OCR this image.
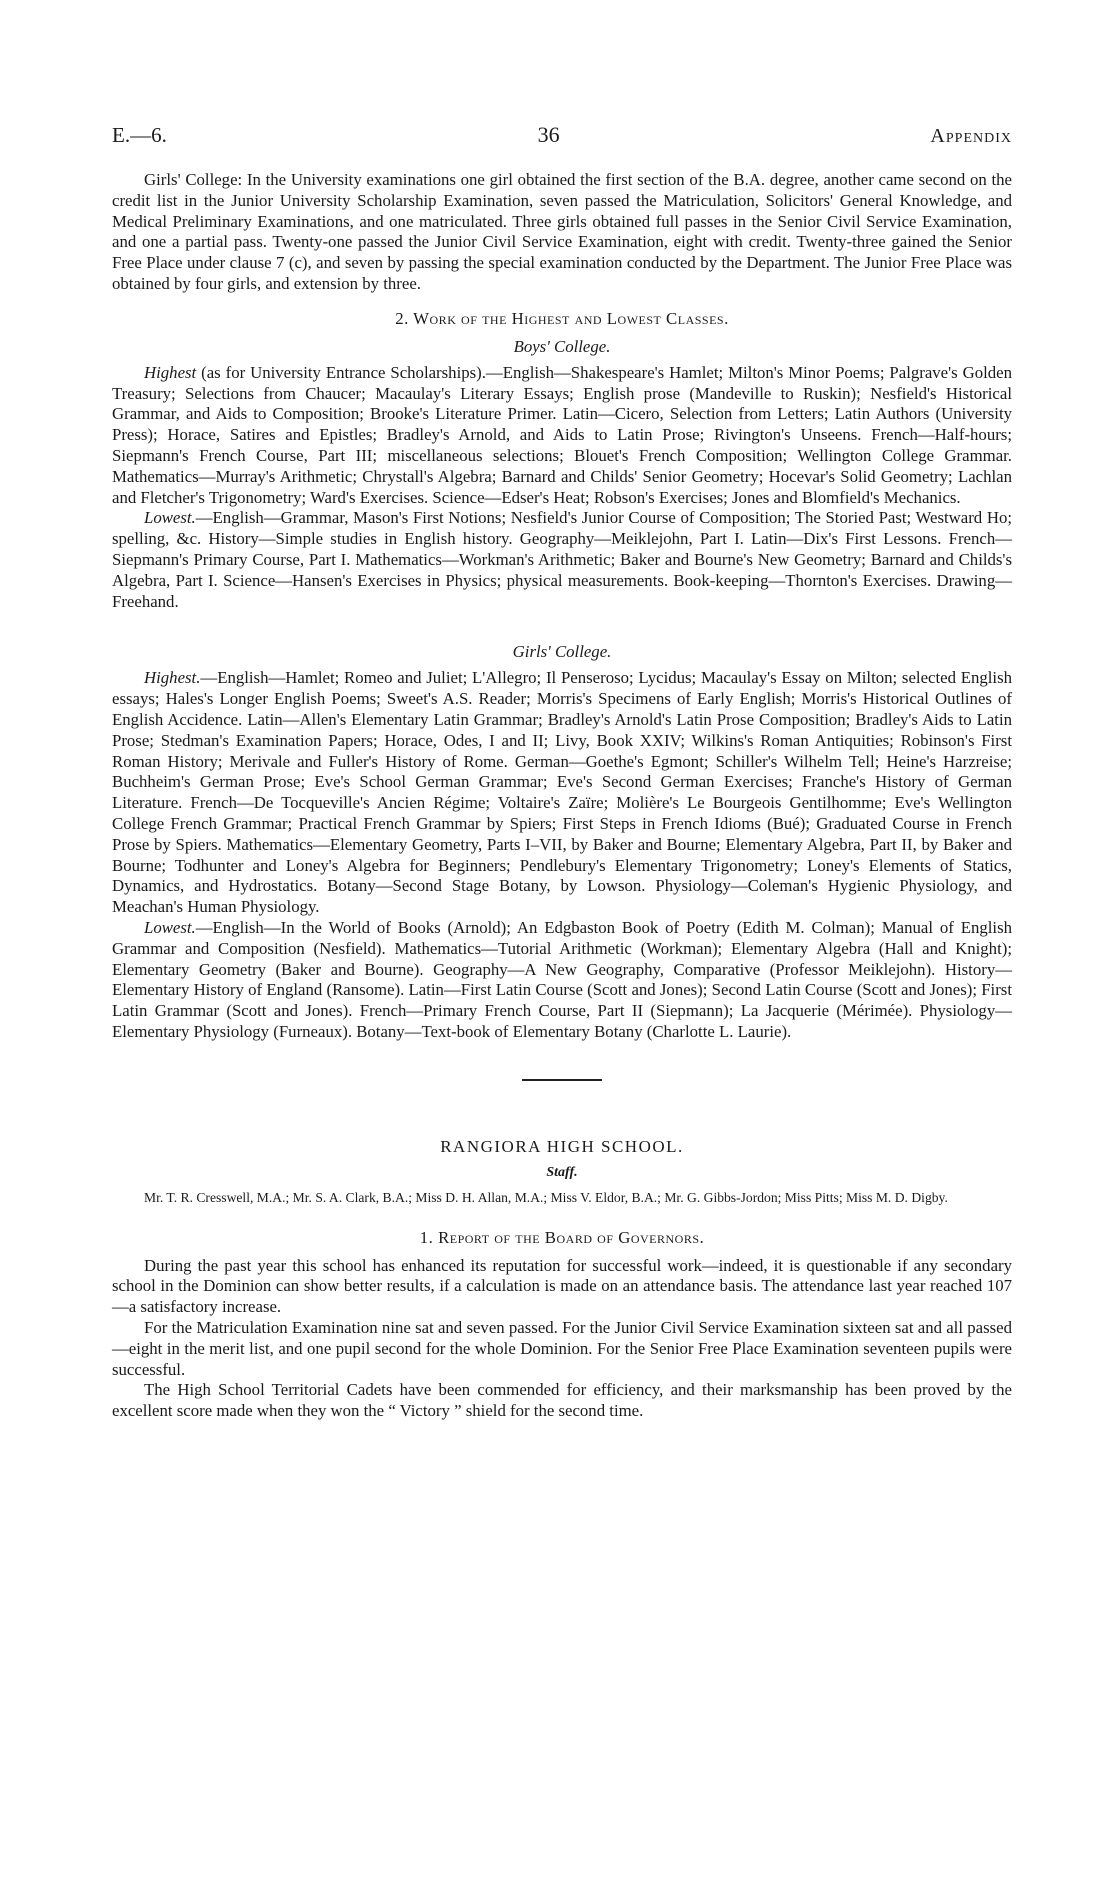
E.—6.	36	Appendix

Girls' College: In the University examinations one girl obtained the first section of the B.A. degree, another came second on the credit list in the Junior University Scholarship Examination, seven passed the Matriculation, Solicitors' General Knowledge, and Medical Preliminary Examinations, and one matriculated. Three girls obtained full passes in the Senior Civil Service Examination, and one a partial pass. Twenty-one passed the Junior Civil Service Examination, eight with credit. Twenty-three gained the Senior Free Place under clause 7 (c), and seven by passing the special examination conducted by the Department. The Junior Free Place was obtained by four girls, and extension by three.

2. Work of the Highest and Lowest Classes.
Boys' College.

Highest (as for University Entrance Scholarships).—English—Shakespeare's Hamlet; Milton's Minor Poems; Palgrave's Golden Treasury; Selections from Chaucer; Macaulay's Literary Essays; English prose (Mandeville to Ruskin); Nesfield's Historical Grammar, and Aids to Composition; Brooke's Literature Primer. Latin—Cicero, Selection from Letters; Latin Authors (University Press); Horace, Satires and Epistles; Bradley's Arnold, and Aids to Latin Prose; Rivington's Unseens. French—Half-hours; Siepmann's French Course, Part III; miscellaneous selections; Blouet's French Composition; Wellington College Grammar. Mathematics—Murray's Arithmetic; Chrystall's Algebra; Barnard and Childs' Senior Geometry; Hocevar's Solid Geometry; Lachlan and Fletcher's Trigonometry; Ward's Exercises. Science—Edser's Heat; Robson's Exercises; Jones and Blomfield's Mechanics.

Lowest.—English—Grammar, Mason's First Notions; Nesfield's Junior Course of Composition; The Storied Past; Westward Ho; spelling, &c. History—Simple studies in English history. Geography—Meiklejohn, Part I. Latin—Dix's First Lessons. French—Siepmann's Primary Course, Part I. Mathematics—Workman's Arithmetic; Baker and Bourne's New Geometry; Barnard and Childs's Algebra, Part I. Science—Hansen's Exercises in Physics; physical measurements. Book-keeping—Thornton's Exercises. Drawing—Freehand.

Girls' College.

Highest.—English—Hamlet; Romeo and Juliet; L'Allegro; Il Penseroso; Lycidus; Macaulay's Essay on Milton; selected English essays; Hales's Longer English Poems; Sweet's A.S. Reader; Morris's Specimens of Early English; Morris's Historical Outlines of English Accidence. Latin—Allen's Elementary Latin Grammar; Bradley's Arnold's Latin Prose Composition; Bradley's Aids to Latin Prose; Stedman's Examination Papers; Horace, Odes, I and II; Livy, Book XXIV; Wilkins's Roman Antiquities; Robinson's First Roman History; Merivale and Fuller's History of Rome. German—Goethe's Egmont; Schiller's Wilhelm Tell; Heine's Harzreise; Buchheim's German Prose; Eve's School German Grammar; Eve's Second German Exercises; Franche's History of German Literature. French—De Tocqueville's Ancien Régime; Voltaire's Zaïre; Molière's Le Bourgeois Gentilhomme; Eve's Wellington College French Grammar; Practical French Grammar by Spiers; First Steps in French Idioms (Bué); Graduated Course in French Prose by Spiers. Mathematics—Elementary Geometry, Parts I–VII, by Baker and Bourne; Elementary Algebra, Part II, by Baker and Bourne; Todhunter and Loney's Algebra for Beginners; Pendlebury's Elementary Trigonometry; Loney's Elements of Statics, Dynamics, and Hydrostatics. Botany—Second Stage Botany, by Lowson. Physiology—Coleman's Hygienic Physiology, and Meachan's Human Physiology.

Lowest.—English—In the World of Books (Arnold); An Edgbaston Book of Poetry (Edith M. Colman); Manual of English Grammar and Composition (Nesfield). Mathematics—Tutorial Arithmetic (Workman); Elementary Algebra (Hall and Knight); Elementary Geometry (Baker and Bourne). Geography—A New Geography, Comparative (Professor Meiklejohn). History—Elementary History of England (Ransome). Latin—First Latin Course (Scott and Jones); Second Latin Course (Scott and Jones); First Latin Grammar (Scott and Jones). French—Primary French Course, Part II (Siepmann); La Jacquerie (Mérimée). Physiology—Elementary Physiology (Furneaux). Botany—Text-book of Elementary Botany (Charlotte L. Laurie).

RANGIORA HIGH SCHOOL.
Staff.
Mr. T. R. Cresswell, M.A.; Mr. S. A. Clark, B.A.; Miss D. H. Allan, M.A.; Miss V. Eldor, B.A.; Mr. G. Gibbs-Jordon; Miss Pitts; Miss M. D. Digby.
1. Report of the Board of Governors.

During the past year this school has enhanced its reputation for successful work—indeed, it is questionable if any secondary school in the Dominion can show better results, if a calculation is made on an attendance basis. The attendance last year reached 107—a satisfactory increase.

For the Matriculation Examination nine sat and seven passed. For the Junior Civil Service Examination sixteen sat and all passed—eight in the merit list, and one pupil second for the whole Dominion. For the Senior Free Place Examination seventeen pupils were successful.

The High School Territorial Cadets have been commended for efficiency, and their marksmanship has been proved by the excellent score made when they won the “ Victory ” shield for the second time.
